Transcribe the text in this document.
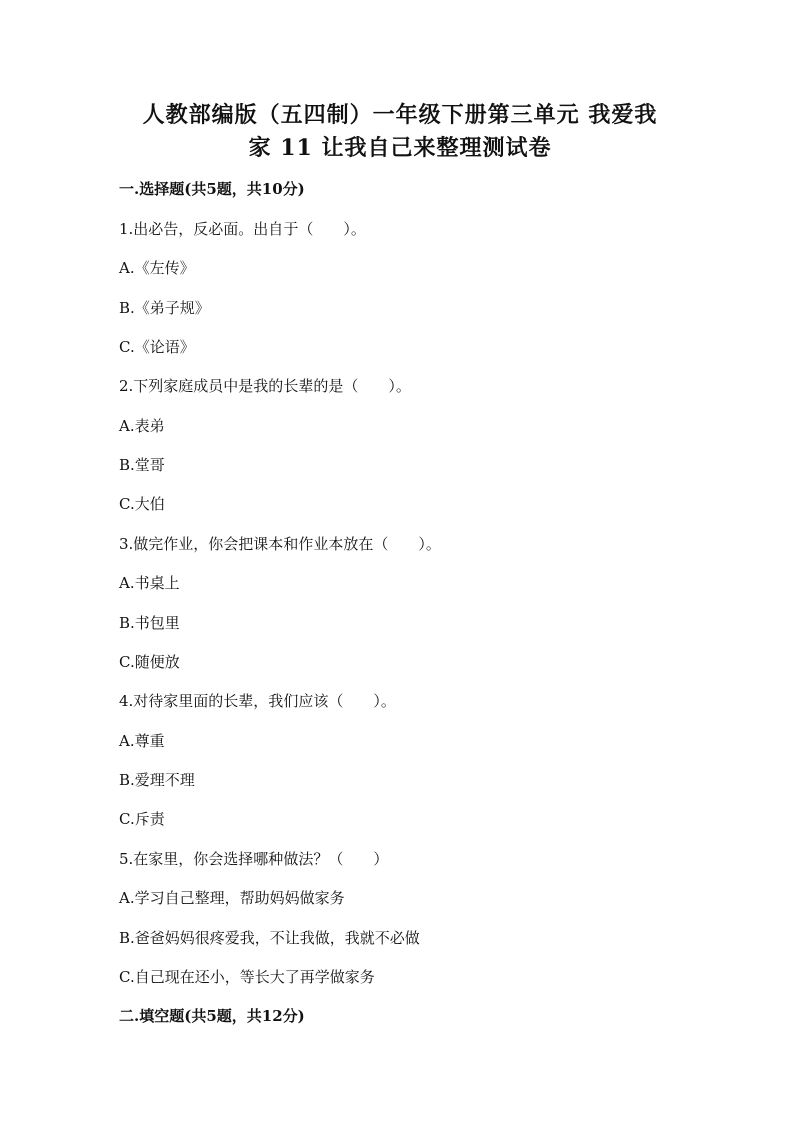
人教部编版（五四制）一年级下册第三单元 我爱我
家 11 让我自己来整理测试卷
一.选择题(共5题，共10分)
1.出必告，反必面。出自于（　　）。
A.《左传》
B.《弟子规》
C.《论语》
2.下列家庭成员中是我的长辈的是（　　）。
A.表弟
B.堂哥
C.大伯
3.做完作业，你会把课本和作业本放在（　　）。
A.书桌上
B.书包里
C.随便放
4.对待家里面的长辈，我们应该（　　）。
A.尊重
B.爱理不理
C.斥责
5.在家里，你会选择哪种做法？（　　）
A.学习自己整理，帮助妈妈做家务
B.爸爸妈妈很疼爱我，不让我做，我就不必做
C.自己现在还小，等长大了再学做家务
二.填空题(共5题，共12分)
